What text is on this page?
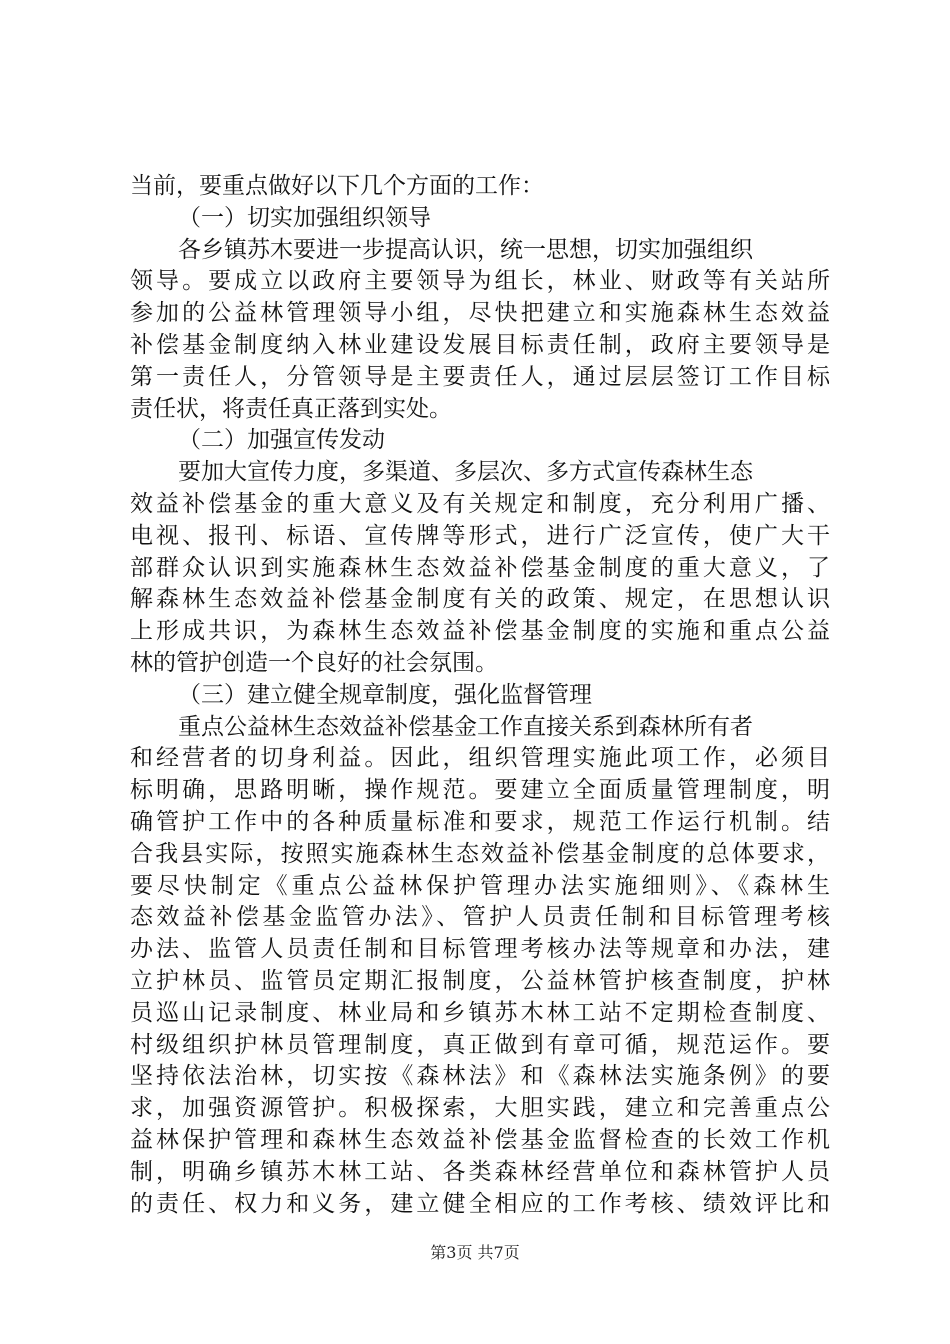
当前，要重点做好以下几个方面的工作：
（一）切实加强组织领导
各乡镇苏木要进一步提高认识，统一思想，切实加强组织
领导。要成立以政府主要领导为组长，林业、财政等有关站所
参加的公益林管理领导小组，尽快把建立和实施森林生态效益
补偿基金制度纳入林业建设发展目标责任制，政府主要领导是
第一责任人，分管领导是主要责任人，通过层层签订工作目标
责任状，将责任真正落到实处。
（二）加强宣传发动
要加大宣传力度，多渠道、多层次、多方式宣传森林生态
效益补偿基金的重大意义及有关规定和制度，充分利用广播、
电视、报刊、标语、宣传牌等形式，进行广泛宣传，使广大干
部群众认识到实施森林生态效益补偿基金制度的重大意义，了
解森林生态效益补偿基金制度有关的政策、规定，在思想认识
上形成共识，为森林生态效益补偿基金制度的实施和重点公益
林的管护创造一个良好的社会氛围。
（三）建立健全规章制度，强化监督管理
重点公益林生态效益补偿基金工作直接关系到森林所有者
和经营者的切身利益。因此，组织管理实施此项工作，必须目
标明确，思路明晰，操作规范。要建立全面质量管理制度，明
确管护工作中的各种质量标准和要求，规范工作运行机制。结
合我县实际，按照实施森林生态效益补偿基金制度的总体要求，
要尽快制定《重点公益林保护管理办法实施细则》、《森林生
态效益补偿基金监管办法》、管护人员责任制和目标管理考核
办法、监管人员责任制和目标管理考核办法等规章和办法，建
立护林员、监管员定期汇报制度，公益林管护核查制度，护林
员巡山记录制度、林业局和乡镇苏木林工站不定期检查制度、
村级组织护林员管理制度，真正做到有章可循，规范运作。要
坚持依法治林，切实按《森林法》和《森林法实施条例》的要
求，加强资源管护。积极探索，大胆实践，建立和完善重点公
益林保护管理和森林生态效益补偿基金监督检查的长效工作机
制，明确乡镇苏木林工站、各类森林经营单位和森林管护人员
的责任、权力和义务，建立健全相应的工作考核、绩效评比和
第3页 共7页
